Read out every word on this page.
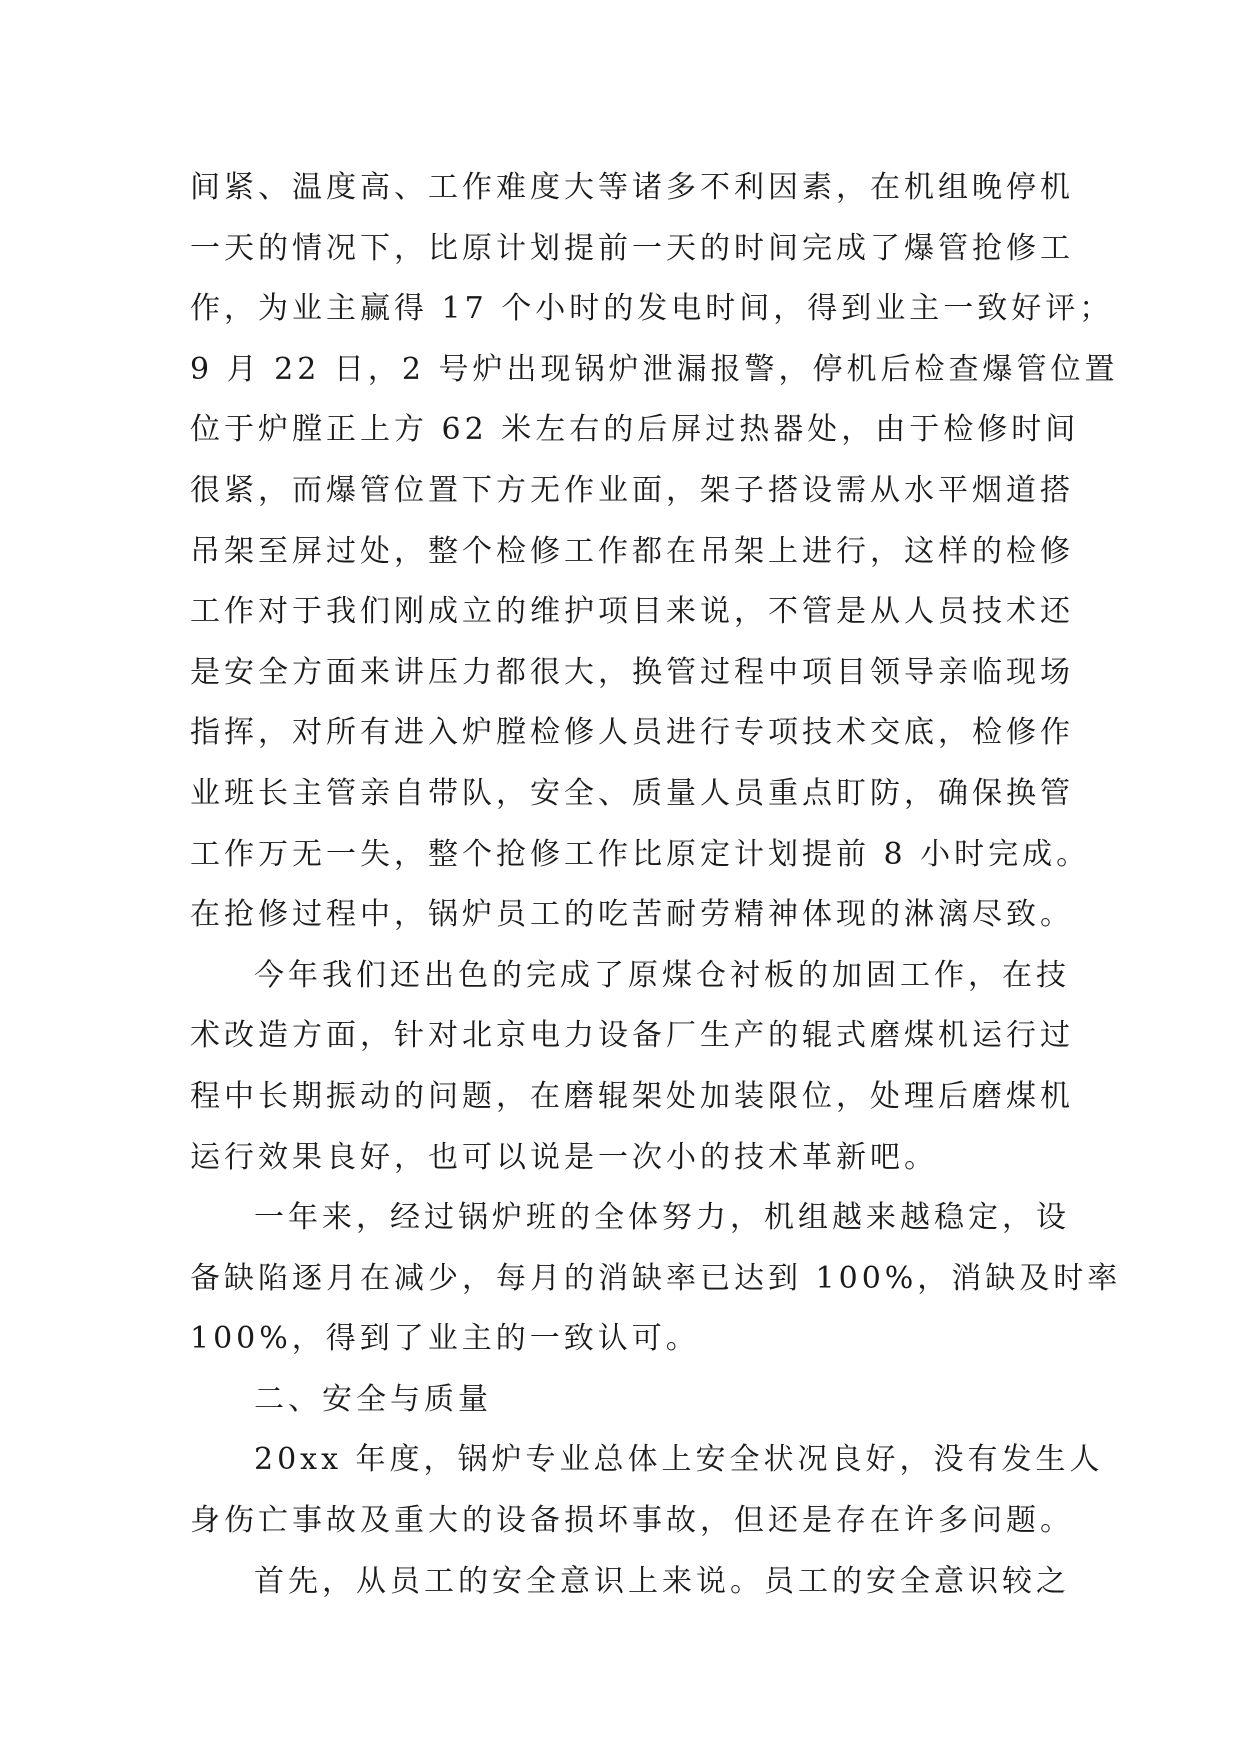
间紧、温度高、工作难度大等诸多不利因素，在机组晚停机
一天的情况下，比原计划提前一天的时间完成了爆管抢修工
作，为业主赢得 17 个小时的发电时间，得到业主一致好评；
9 月 22 日，2 号炉出现锅炉泄漏报警，停机后检查爆管位置
位于炉膛正上方 62 米左右的后屏过热器处，由于检修时间
很紧，而爆管位置下方无作业面，架子搭设需从水平烟道搭
吊架至屏过处，整个检修工作都在吊架上进行，这样的检修
工作对于我们刚成立的维护项目来说，不管是从人员技术还
是安全方面来讲压力都很大，换管过程中项目领导亲临现场
指挥，对所有进入炉膛检修人员进行专项技术交底，检修作
业班长主管亲自带队，安全、质量人员重点盯防，确保换管
工作万无一失，整个抢修工作比原定计划提前 8 小时完成。
在抢修过程中，锅炉员工的吃苦耐劳精神体现的淋漓尽致。
今年我们还出色的完成了原煤仓衬板的加固工作，在技
术改造方面，针对北京电力设备厂生产的辊式磨煤机运行过
程中长期振动的问题，在磨辊架处加装限位，处理后磨煤机
运行效果良好，也可以说是一次小的技术革新吧。
一年来，经过锅炉班的全体努力，机组越来越稳定，设
备缺陷逐月在减少，每月的消缺率已达到 100%，消缺及时率
100%，得到了业主的一致认可。
二、安全与质量
20xx 年度，锅炉专业总体上安全状况良好，没有发生人
身伤亡事故及重大的设备损坏事故，但还是存在许多问题。
首先，从员工的安全意识上来说。员工的安全意识较之
